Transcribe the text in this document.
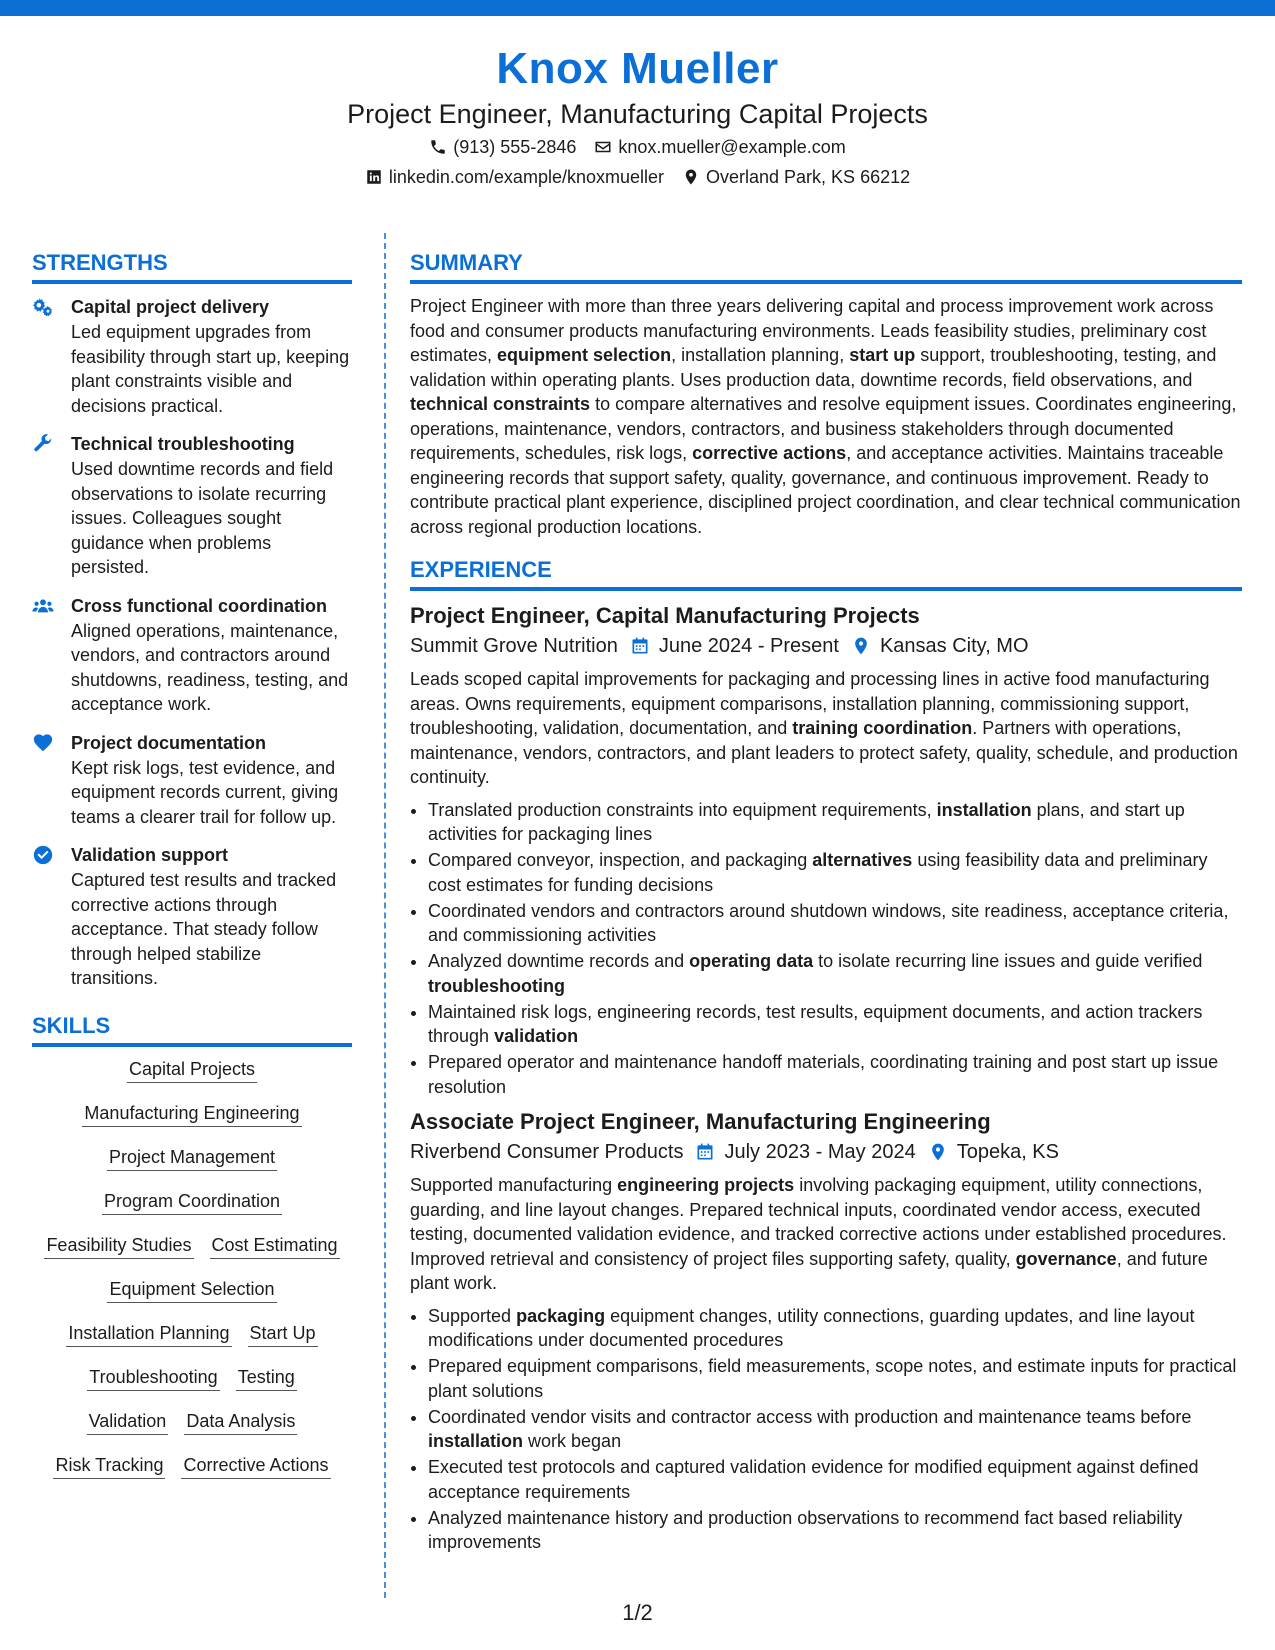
Knox Mueller
Project Engineer, Manufacturing Capital Projects
(913) 555-2846 knox.mueller@example.com
linkedin.com/example/knoxmueller Overland Park, KS 66212
STRENGTHS
Capital project delivery
Led equipment upgrades from feasibility through start up, keeping plant constraints visible and decisions practical.
Technical troubleshooting
Used downtime records and field observations to isolate recurring issues. Colleagues sought guidance when problems persisted.
Cross functional coordination
Aligned operations, maintenance, vendors, and contractors around shutdowns, readiness, testing, and acceptance work.
Project documentation
Kept risk logs, test evidence, and equipment records current, giving teams a clearer trail for follow up.
Validation support
Captured test results and tracked corrective actions through acceptance. That steady follow through helped stabilize transitions.
SKILLS
Capital Projects
Manufacturing Engineering
Project Management
Program Coordination
Feasibility Studies Cost Estimating
Equipment Selection
Installation Planning Start Up
Troubleshooting Testing
Validation Data Analysis
Risk Tracking Corrective Actions
SUMMARY

Project Engineer with more than three years delivering capital and process improvement work across food and consumer products manufacturing environments. Leads feasibility studies, preliminary cost estimates, equipment selection, installation planning, start up support, troubleshooting, testing, and validation within operating plants. Uses production data, downtime records, field observations, and technical constraints to compare alternatives and resolve equipment issues. Coordinates engineering, operations, maintenance, vendors, contractors, and business stakeholders through documented requirements, schedules, risk logs, corrective actions, and acceptance activities. Maintains traceable engineering records that support safety, quality, governance, and continuous improvement. Ready to contribute practical plant experience, disciplined project coordination, and clear technical communication across regional production locations.

EXPERIENCE
Project Engineer, Capital Manufacturing Projects
Summit Grove Nutrition June 2024 - Present Kansas City, MO

Leads scoped capital improvements for packaging and processing lines in active food manufacturing areas. Owns requirements, equipment comparisons, installation planning, commissioning support, troubleshooting, validation, documentation, and training coordination. Partners with operations, maintenance, vendors, contractors, and plant leaders to protect safety, quality, schedule, and production continuity.

• Translated production constraints into equipment requirements, installation plans, and start up activities for packaging lines
• Compared conveyor, inspection, and packaging alternatives using feasibility data and preliminary cost estimates for funding decisions
• Coordinated vendors and contractors around shutdown windows, site readiness, acceptance criteria, and commissioning activities
• Analyzed downtime records and operating data to isolate recurring line issues and guide verified troubleshooting
• Maintained risk logs, engineering records, test results, equipment documents, and action trackers through validation
• Prepared operator and maintenance handoff materials, coordinating training and post start up issue resolution
Associate Project Engineer, Manufacturing Engineering
Riverbend Consumer Products July 2023 - May 2024 Topeka, KS

Supported manufacturing engineering projects involving packaging equipment, utility connections, guarding, and line layout changes. Prepared technical inputs, coordinated vendor access, executed testing, documented validation evidence, and tracked corrective actions under established procedures. Improved retrieval and consistency of project files supporting safety, quality, governance, and future plant work.

• Supported packaging equipment changes, utility connections, guarding updates, and line layout modifications under documented procedures
• Prepared equipment comparisons, field measurements, scope notes, and estimate inputs for practical plant solutions
• Coordinated vendor visits and contractor access with production and maintenance teams before installation work began
• Executed test protocols and captured validation evidence for modified equipment against defined acceptance requirements
• Analyzed maintenance history and production observations to recommend fact based reliability improvements
1/2
